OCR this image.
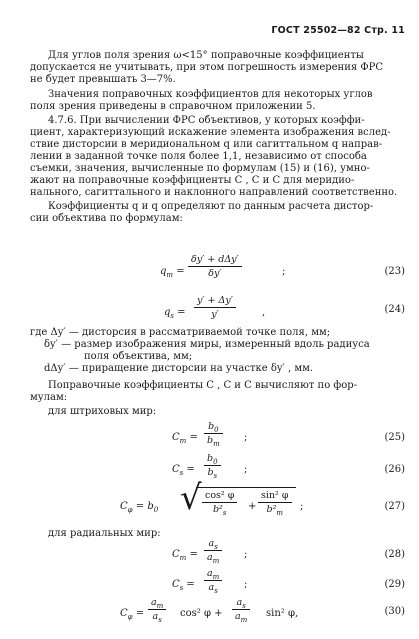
ГОСТ 25502—82 Стр. 11
Для углов поля зрения ω<15° поправочные коэффициенты
допускается не учитывать, при этом погрешность измерения ФРС
не будет превышать 3—7%.
Значения поправочных коэффициентов для некоторых углов
поля зрения приведены в справочном приложении 5.
4.7.6. При вычислении ФРС объективов, у которых коэффи-
циент, характеризующий искажение элемента изображения вслед-
ствие дисторсии в меридиональном q или сагиттальном q направ-
лении в заданной точке поля более 1,1, независимо от способа
съемки, значения, вычисленные по формулам (15) и (16), умно-
жают на поправочные коэффициенты C , C и C для меридио-
нального, сагиттального и наклонного направлений соответственно.
Коэффициенты q и q определяют по данным расчета дистор-
сии объектива по формулам:
$q_m$ =
δy′ + dΔy′
δy′	;	(23)
$q_s$ =
y′ + Δy′
y′	,	(24)
где Δy′ — дисторсия в рассматриваемой точке поля, мм;
δy′ — размер изображения миры, измеренный вдоль радиуса
поля объектива, мм;
dΔy′ — приращение дисторсии на участке δy′ , мм.
Поправочные коэффициенты C , C и C вычисляют по фор-
мулам:
для штриховых мир:
$C_m$ =
$b_0$
$b_m$
;	(25)
$C_s$ =
$b_0$
$b_s$
;	(26)
$C_\varphi = b_0$ √ cos² φ
$b^2_s$
+
sin² φ
$b^2_m$
;	(27)
для радиальных мир:
$C_m$ =
$a_s$
$a_m$
;	(28)
$C_s$ =
$a_m$
$a_s$
;	(29)
$C_\varphi$ =
$a_m$
$a_s$
cos² φ +
$a_s$
$a_m$
sin² φ,	(30)
